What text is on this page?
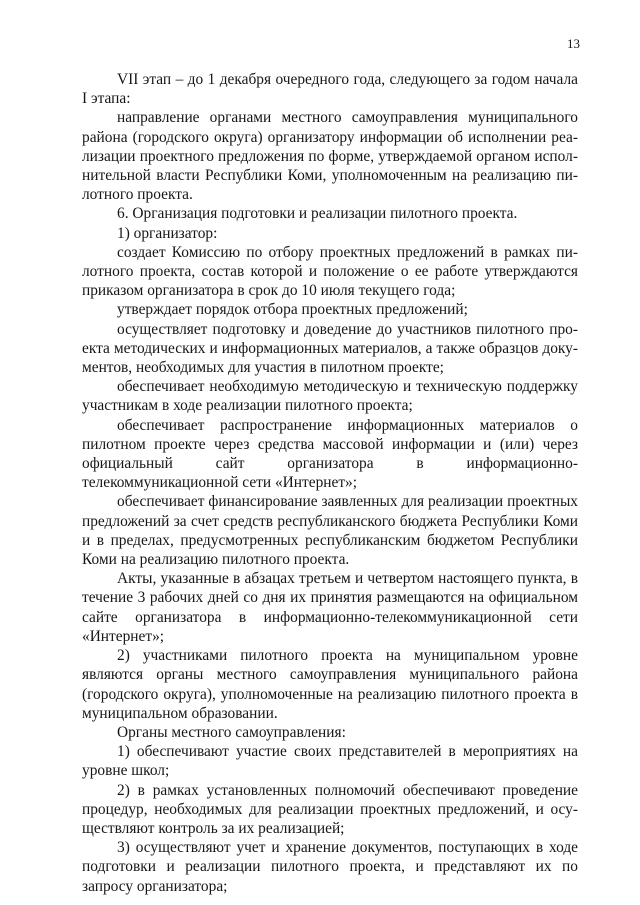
13

VII этап – до 1 декабря очередного года, следующего за годом начала I этапа:

направление органами местного самоуправления муниципального района (городского округа) организатору информации об исполнении реализации проектного предложения по форме, утверждаемой органом исполнительной власти Республики Коми, уполномоченным на реализацию пилотного проекта.

6. Организация подготовки и реализации пилотного проекта.

1) организатор:

создает Комиссию по отбору проектных предложений в рамках пилотного проекта, состав которой и положение о ее работе утверждаются приказом организатора в срок до 10 июля текущего года;

утверждает порядок отбора проектных предложений;

осуществляет подготовку и доведение до участников пилотного проекта методических и информационных материалов, а также образцов документов, необходимых для участия в пилотном проекте;

обеспечивает необходимую методическую и техническую поддержку участникам в ходе реализации пилотного проекта;

обеспечивает распространение информационных материалов о пилотном проекте через средства массовой информации и (или) через официальный сайт организатора в информационно-телекоммуникационной сети «Интернет»;

обеспечивает финансирование заявленных для реализации проектных предложений за счет средств республиканского бюджета Республики Коми и в пределах, предусмотренных республиканским бюджетом Республики Коми на реализацию пилотного проекта.

Акты, указанные в абзацах третьем и четвертом настоящего пункта, в течение 3 рабочих дней со дня их принятия размещаются на официальном сайте организатора в информационно-телекоммуникационной сети «Интернет»;

2) участниками пилотного проекта на муниципальном уровне являются органы местного самоуправления муниципального района (городского округа), уполномоченные на реализацию пилотного проекта в муниципальном образовании.

Органы местного самоуправления:

1) обеспечивают участие своих представителей в мероприятиях на уровне школ;

2) в рамках установленных полномочий обеспечивают проведение процедур, необходимых для реализации проектных предложений, и осуществляют контроль за их реализацией;

3) осуществляют учет и хранение документов, поступающих в ходе подготовки и реализации пилотного проекта, и представляют их по запросу организатора;
